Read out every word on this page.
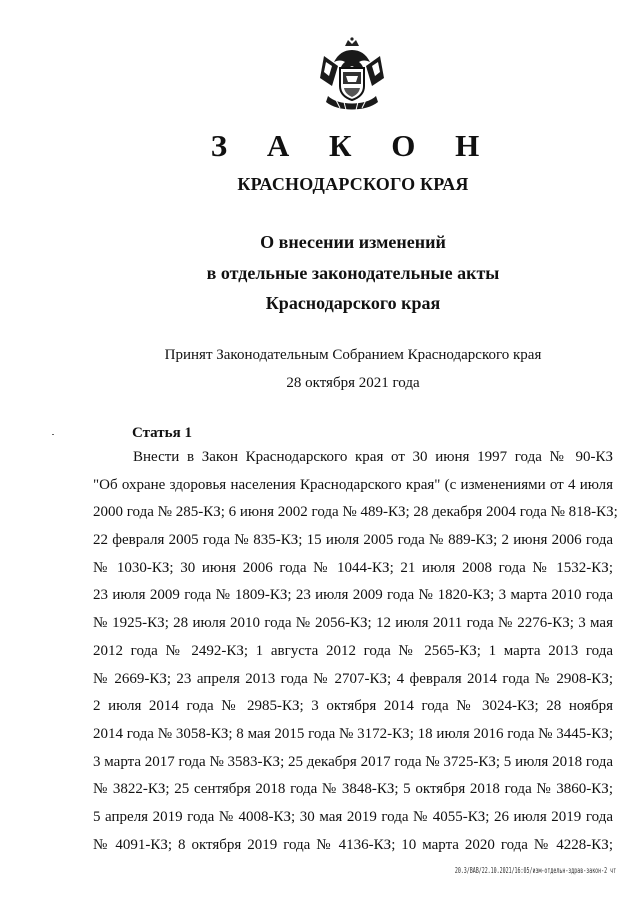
З А К О Н
КРАСНОДАРСКОГО КРАЯ
О внесении изменений
в отдельные законодательные акты
Краснодарского края
Принят Законодательным Собранием Краснодарского края
28 октября 2021 года
Статья 1
Внести в Закон Краснодарского края от 30 июня 1997 года № 90-КЗ
"Об охране здоровья населения Краснодарского края" (с изменениями от 4 июля
2000 года № 285-КЗ; 6 июня 2002 года № 489-КЗ; 28 декабря 2004 года № 818-КЗ;
22 февраля 2005 года № 835-КЗ; 15 июля 2005 года № 889-КЗ; 2 июня 2006 года
№ 1030-КЗ; 30 июня 2006 года № 1044-КЗ; 21 июля 2008 года № 1532-КЗ;
23 июля 2009 года № 1809-КЗ; 23 июля 2009 года № 1820-КЗ; 3 марта 2010 года
№ 1925-КЗ; 28 июля 2010 года № 2056-КЗ; 12 июля 2011 года № 2276-КЗ; 3 мая
2012 года № 2492-КЗ; 1 августа 2012 года № 2565-КЗ; 1 марта 2013 года
№ 2669-КЗ; 23 апреля 2013 года № 2707-КЗ; 4 февраля 2014 года № 2908-КЗ;
2 июля 2014 года № 2985-КЗ; 3 октября 2014 года № 3024-КЗ; 28 ноября
2014 года № 3058-КЗ; 8 мая 2015 года № 3172-КЗ; 18 июля 2016 года № 3445-КЗ;
3 марта 2017 года № 3583-КЗ; 25 декабря 2017 года № 3725-КЗ; 5 июля 2018 года
№ 3822-КЗ; 25 сентября 2018 года № 3848-КЗ; 5 октября 2018 года № 3860-КЗ;
5 апреля 2019 года № 4008-КЗ; 30 мая 2019 года № 4055-КЗ; 26 июля 2019 года
№ 4091-КЗ; 8 октября 2019 года № 4136-КЗ; 10 марта 2020 года № 4228-КЗ;
20.3/ВАВ/22.10.2021/16:05/изм-отдельн-здрав-закон-2 чт
